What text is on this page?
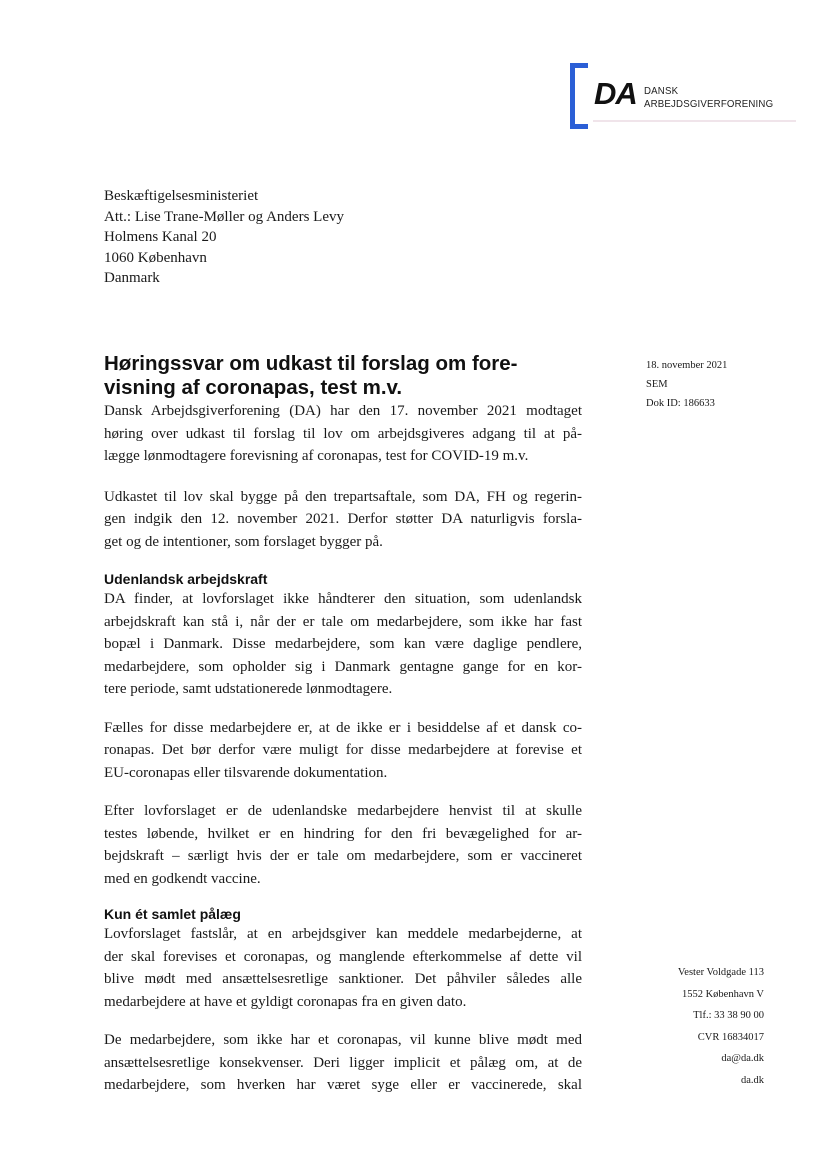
DA DANSK
ARBEJDSGIVERFORENING
Beskæftigelsesministeriet
Att.: Lise Trane-Møller og Anders Levy
Holmens Kanal 20
1060 København
Danmark
18. november 2021
SEM
Dok ID: 186633
Høringssvar om udkast til forslag om fore-
visning af coronapas, test m.v.

Dansk Arbejdsgiverforening (DA) har den 17. november 2021 modtaget
høring over udkast til forslag til lov om arbejdsgiveres adgang til at på-
lægge lønmodtagere forevisning af coronapas, test for COVID-19 m.v.

Udkastet til lov skal bygge på den trepartsaftale, som DA, FH og regerin-
gen indgik den 12. november 2021. Derfor støtter DA naturligvis forsla-
get og de intentioner, som forslaget bygger på.

Udenlandsk arbejdskraft

DA finder, at lovforslaget ikke håndterer den situation, som udenlandsk
arbejdskraft kan stå i, når der er tale om medarbejdere, som ikke har fast
bopæl i Danmark. Disse medarbejdere, som kan være daglige pendlere,
medarbejdere, som opholder sig i Danmark gentagne gange for en kor-
tere periode, samt udstationerede lønmodtagere.

Fælles for disse medarbejdere er, at de ikke er i besiddelse af et dansk co-
ronapas. Det bør derfor være muligt for disse medarbejdere at forevise et
EU-coronapas eller tilsvarende dokumentation.

Efter lovforslaget er de udenlandske medarbejdere henvist til at skulle
testes løbende, hvilket er en hindring for den fri bevægelighed for ar-
bejdskraft – særligt hvis der er tale om medarbejdere, som er vaccineret
med en godkendt vaccine.

Kun ét samlet pålæg

Lovforslaget fastslår, at en arbejdsgiver kan meddele medarbejderne, at
der skal forevises et coronapas, og manglende efterkommelse af dette vil
blive mødt med ansættelsesretlige sanktioner. Det påhviler således alle
medarbejdere at have et gyldigt coronapas fra en given dato.

De medarbejdere, som ikke har et coronapas, vil kunne blive mødt med
ansættelsesretlige konsekvenser. Deri ligger implicit et pålæg om, at de
medarbejdere, som hverken har været syge eller er vaccinerede, skal

Vester Voldgade 113
1552 København V
Tlf.: 33 38 90 00
CVR 16834017
da@da.dk
da.dk
